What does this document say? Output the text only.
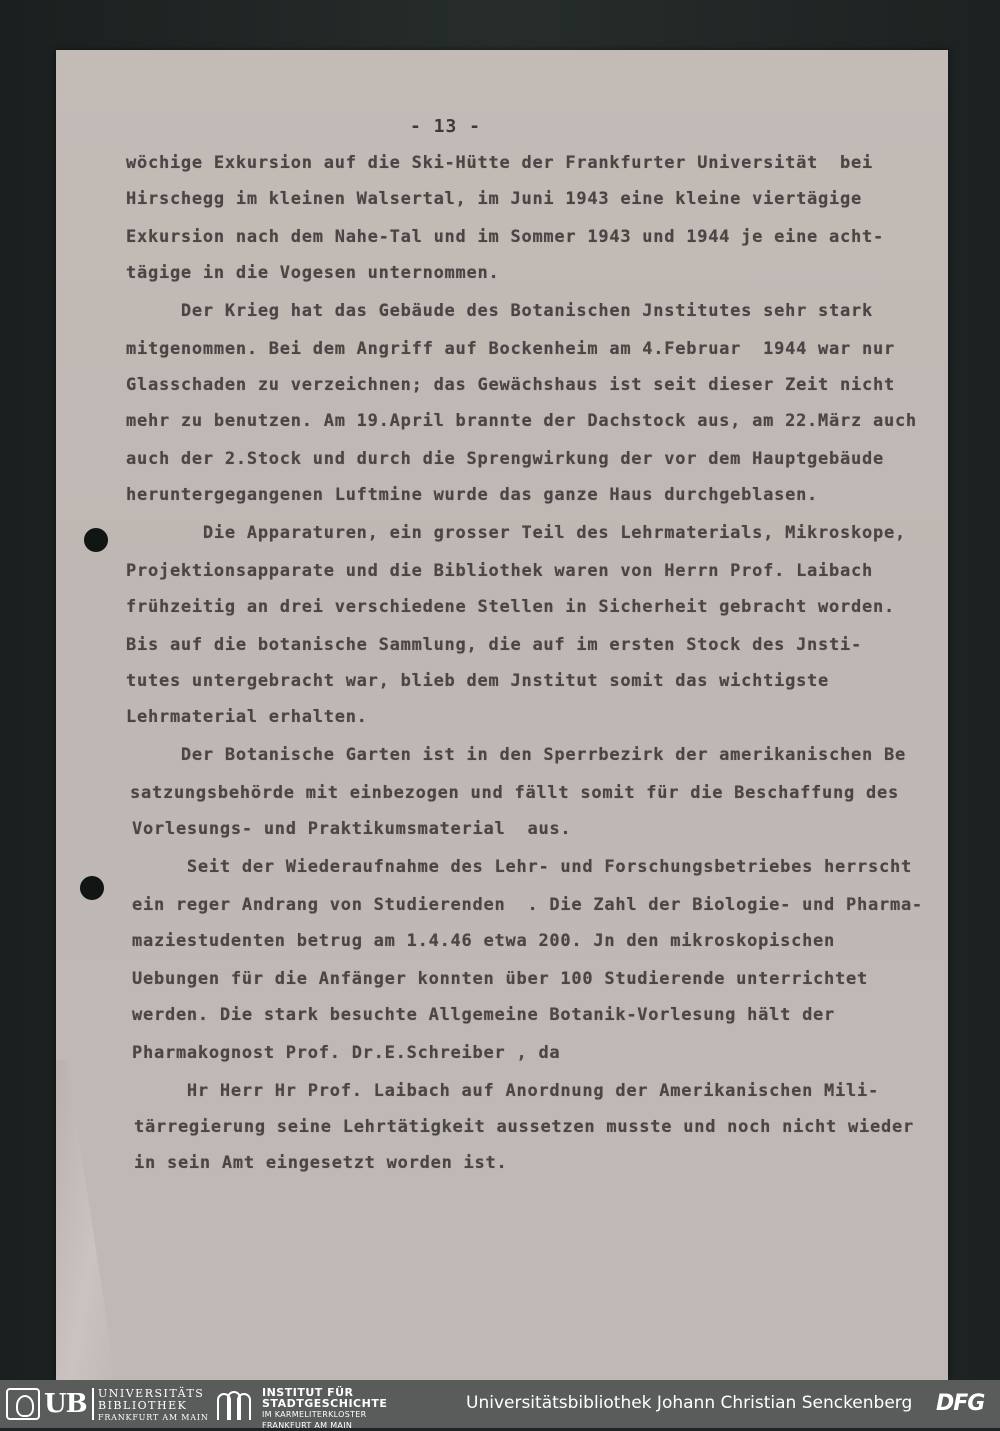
- 13 -
wöchige Exkursion auf die Ski-Hütte der Frankfurter Universität  bei
Hirschegg im kleinen Walsertal, im Juni 1943 eine kleine viertägige
Exkursion nach dem Nahe-Tal und im Sommer 1943 und 1944 je eine acht-
tägige in die Vogesen unternommen.
Der Krieg hat das Gebäude des Botanischen Jnstitutes sehr stark
mitgenommen. Bei dem Angriff auf Bockenheim am 4.Februar  1944 war nur
Glasschaden zu verzeichnen; das Gewächshaus ist seit dieser Zeit nicht
mehr zu benutzen. Am 19.April brannte der Dachstock aus, am 22.März auch
auch der 2.Stock und durch die Sprengwirkung der vor dem Hauptgebäude
heruntergegangenen Luftmine wurde das ganze Haus durchgeblasen.
Die Apparaturen, ein grosser Teil des Lehrmaterials, Mikroskope,
Projektionsapparate und die Bibliothek waren von Herrn Prof. Laibach
frühzeitig an drei verschiedene Stellen in Sicherheit gebracht worden.
Bis auf die botanische Sammlung, die auf im ersten Stock des Jnsti-
tutes untergebracht war, blieb dem Jnstitut somit das wichtigste
Lehrmaterial erhalten.
Der Botanische Garten ist in den Sperrbezirk der amerikanischen Be
satzungsbehörde mit einbezogen und fällt somit für die Beschaffung des
Vorlesungs- und Praktikumsmaterial  aus.
Seit der Wiederaufnahme des Lehr- und Forschungsbetriebes herrscht
ein reger Andrang von Studierenden  . Die Zahl der Biologie- und Pharma-
maziestudenten betrug am 1.4.46 etwa 200. Jn den mikroskopischen
Uebungen für die Anfänger konnten über 100 Studierende unterrichtet
werden. Die stark besuchte Allgemeine Botanik-Vorlesung hält der
Pharmakognost Prof. Dr.E.Schreiber , da
Hr Herr Hr Prof. Laibach auf Anordnung der Amerikanischen Mili-
tärregierung seine Lehrtätigkeit aussetzen musste und noch nicht wieder
in sein Amt eingesetzt worden ist.
UB UNIVERSITÄTS
BIBLIOTHEK
FRANKFURT AM MAIN
INSTITUT FÜR
STADTGESCHICHTE
IM KARMELITERKLOSTER
FRANKFURT AM MAIN
Universitätsbibliothek Johann Christian Senckenberg DFG
